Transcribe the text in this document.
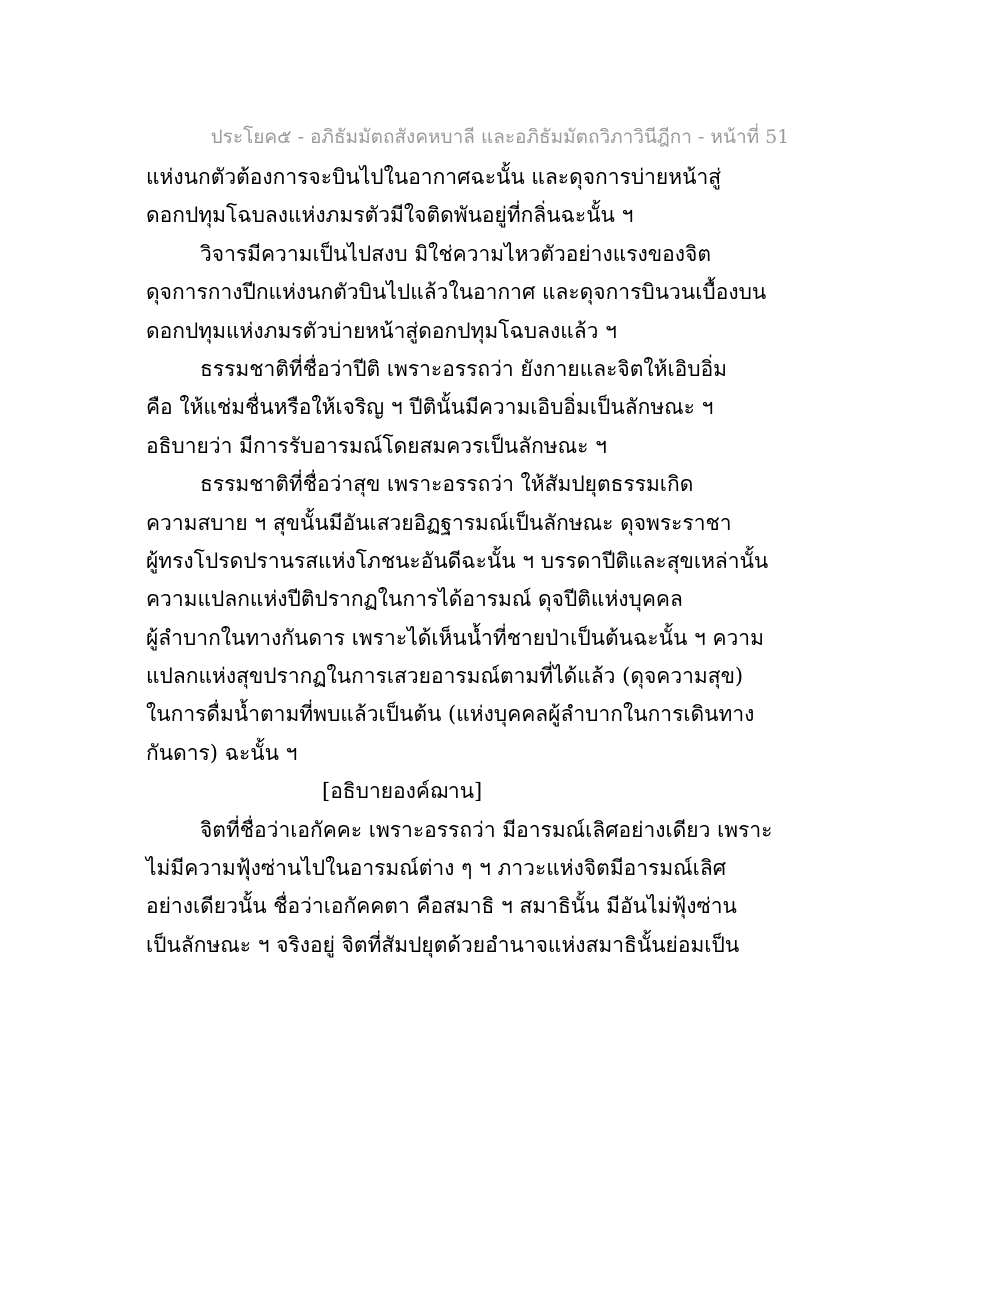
ประโยค๕ - อภิธัมมัตถสังคหบาลี และอภิธัมมัตถวิภาวินีฎีกา - หน้าที่ 51
แห่งนกตัวต้องการจะบินไปในอากาศฉะนั้น และดุจการบ่ายหน้าสู่
ดอกปทุมโฉบลงแห่งภมรตัวมีใจติดพันอยู่ที่กลิ่นฉะนั้น ฯ
วิจารมีความเป็นไปสงบ มิใช่ความไหวตัวอย่างแรงของจิต
ดุจการกางปีกแห่งนกตัวบินไปแล้วในอากาศ และดุจการบินวนเบื้องบน
ดอกปทุมแห่งภมรตัวบ่ายหน้าสู่ดอกปทุมโฉบลงแล้ว ฯ
ธรรมชาติที่ชื่อว่าปีติ เพราะอรรถว่า ยังกายและจิตให้เอิบอิ่ม
คือ ให้แช่มชื่นหรือให้เจริญ ฯ ปีตินั้นมีความเอิบอิ่มเป็นลักษณะ ฯ
อธิบายว่า มีการรับอารมณ์โดยสมควรเป็นลักษณะ ฯ
ธรรมชาติที่ชื่อว่าสุข เพราะอรรถว่า ให้สัมปยุตธรรมเกิด
ความสบาย ฯ สุขนั้นมีอันเสวยอิฏฐารมณ์เป็นลักษณะ ดุจพระราชา
ผู้ทรงโปรดปรานรสแห่งโภชนะอันดีฉะนั้น ฯ บรรดาปีติและสุขเหล่านั้น
ความแปลกแห่งปีติปรากฏในการได้อารมณ์ ดุจปีติแห่งบุคคล
ผู้ลำบากในทางกันดาร เพราะได้เห็นน้ำที่ชายป่าเป็นต้นฉะนั้น ฯ ความ
แปลกแห่งสุขปรากฏในการเสวยอารมณ์ตามที่ได้แล้ว (ดุจความสุข)
ในการดื่มน้ำตามที่พบแล้วเป็นต้น (แห่งบุคคลผู้ลำบากในการเดินทาง
กันดาร) ฉะนั้น ฯ
[อธิบายองค์ฌาน]
จิตที่ชื่อว่าเอกัคคะ เพราะอรรถว่า มีอารมณ์เลิศอย่างเดียว เพราะ
ไม่มีความฟุ้งซ่านไปในอารมณ์ต่าง ๆ ฯ ภาวะแห่งจิตมีอารมณ์เลิศ
อย่างเดียวนั้น ชื่อว่าเอกัคคตา คือสมาธิ ฯ สมาธินั้น มีอันไม่ฟุ้งซ่าน
เป็นลักษณะ ฯ จริงอยู่ จิตที่สัมปยุตด้วยอำนาจแห่งสมาธินั้นย่อมเป็น
